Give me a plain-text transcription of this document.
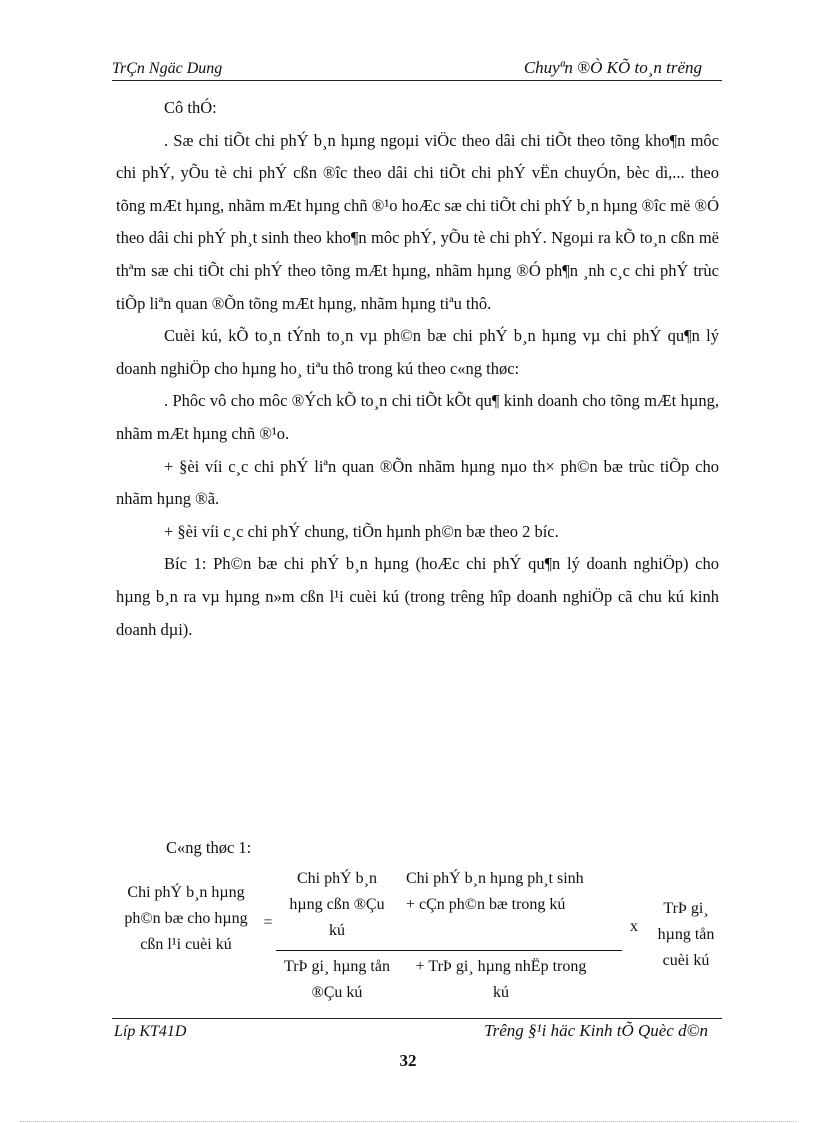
TrÇn Ngäc Dung	Chuyªn ®Ò KÕ to¸n trëng

Cô thÓ:

. Sæ chi tiÕt chi phÝ b¸n hµng ngoµi viÖc theo dâi chi tiÕt theo tõng kho¶n môc chi phÝ, yÕu tè chi phÝ cßn ®îc theo dâi chi tiÕt chi phÝ vËn chuyÓn, bèc dì,... theo tõng mÆt hµng, nhãm mÆt hµng chñ ®¹o hoÆc sæ chi tiÕt chi phÝ b¸n hµng ®îc më ®Ó theo dâi chi phÝ ph¸t sinh theo kho¶n môc phÝ, yÕu tè chi phÝ. Ngoµi ra kÕ to¸n cßn më thªm sæ chi tiÕt chi phÝ theo tõng mÆt hµng, nhãm hµng ®Ó ph¶n ¸nh c¸c chi phÝ trùc tiÕp liªn quan ®Õn tõng mÆt hµng, nhãm hµng tiªu thô.

Cuèi kú, kÕ to¸n tÝnh to¸n vµ ph©n bæ chi phÝ b¸n hµng vµ chi phÝ qu¶n lý doanh nghiÖp cho hµng ho¸ tiªu thô trong kú theo c«ng thøc:

. Phôc vô cho môc ®Ých kÕ to¸n chi tiÕt kÕt qu¶ kinh doanh cho tõng mÆt hµng, nhãm mÆt hµng chñ ®¹o.

+ §èi víi c¸c chi phÝ liªn quan ®Õn nhãm hµng nµo th× ph©n bæ trùc tiÕp cho nhãm hµng ®ã.

+ §èi víi c¸c chi phÝ chung, tiÕn hµnh ph©n bæ theo 2 bíc.

Bíc 1: Ph©n bæ chi phÝ b¸n hµng (hoÆc chi phÝ qu¶n lý doanh nghiÖp) cho hµng b¸n ra vµ hµng n»m cßn l¹i cuèi kú (trong trêng hîp doanh nghiÖp cã chu kú kinh doanh dµi).

C«ng thøc 1:
Chi phÝ b¸n hµng ph©n bæ cho hµng cßn l¹i cuèi kú
=
Chi phÝ b¸n hµng cßn ®Çu kú
Chi phÝ b¸n hµng ph¸t sinh + cÇn ph©n bæ trong kú
TrÞ gi¸ hµng tån ®Çu kú
+ TrÞ gi¸ hµng nhËp trong kú
x
TrÞ gi¸ hµng tån cuèi kú
Líp KT41D	Trêng §¹i häc Kinh tÕ Quèc d©n
32
